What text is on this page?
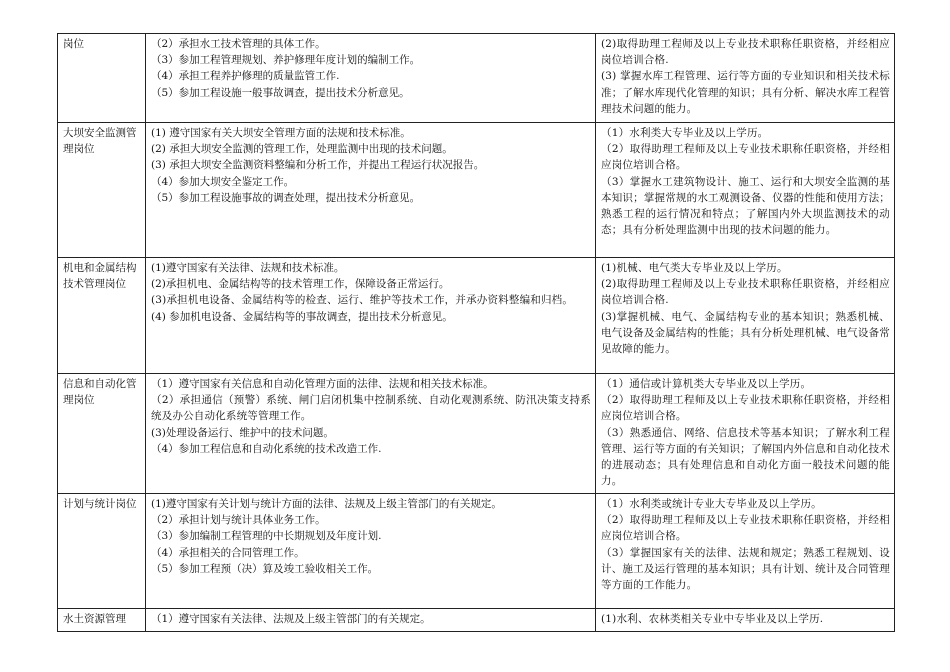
岗位	（2）承担水工技术管理的具体工作。
（3）参加工程管理规划、养护修理年度计划的编制工作。
（4）承担工程养护修理的质量监管工作.
（5）参加工程设施一般事故调查，提出技术分析意见。	(2)取得助理工程师及以上专业技术职称任职资格，并经相应岗位培训合格.
(3) 掌握水库工程管理、运行等方面的专业知识和相关技术标准；了解水库现代化管理的知识；具有分析、解决水库工程管理技术问题的能力。

大坝安全监测管理岗位	(1) 遵守国家有关大坝安全管理方面的法规和技术标准。
(2) 承担大坝安全监测的管理工作，处理监测中出现的技术问题。
(3) 承担大坝安全监测资料整编和分析工作，并提出工程运行状况报告。
（4）参加大坝安全鉴定工作。
（5）参加工程设施事故的调查处理，提出技术分析意见。	（1）水利类大专毕业及以上学历。
（2）取得助理工程师及以上专业技术职称任职资格，并经相应岗位培训合格。
（3）掌握水工建筑物设计、施工、运行和大坝安全监测的基本知识；掌握常规的水工观测设备、仪器的性能和使用方法；熟悉工程的运行情况和特点；了解国内外大坝监测技术的动态；具有分析处理监测中出现的技术问题的能力。

机电和金属结构技术管理岗位	(1)遵守国家有关法律、法规和技术标准。
(2)承担机电、金属结构等的技术管理工作，保障设备正常运行。
(3)承担机电设备、金属结构等的检查、运行、维护等技术工作，并承办资料整编和归档。
(4) 参加机电设备、金属结构等的事故调查，提出技术分析意见。	(1)机械、电气类大专毕业及以上学历。
(2)取得助理工程师及以上专业技术职称任职资格，并经相应岗位培训合格.
(3)掌握机械、电气、金属结构专业的基本知识；熟悉机械、电气设备及金属结构的性能；具有分析处理机械、电气设备常见故障的能力。

信息和自动化管理岗位	（1）遵守国家有关信息和自动化管理方面的法律、法规和相关技术标准。
（2）承担通信（预警）系统、闸门启闭机集中控制系统、自动化观测系统、防汛决策支持系统及办公自动化系统等管理工作。
(3)处理设备运行、维护中的技术问题。
（4）参加工程信息和自动化系统的技术改造工作.	（1）通信或计算机类大专毕业及以上学历。
（2）取得助理工程师及以上专业技术职称任职资格，并经相应岗位培训合格。
（3）熟悉通信、网络、信息技术等基本知识；了解水利工程管理、运行等方面的有关知识；了解国内外信息和自动化技术的进展动态；具有处理信息和自动化方面一般技术问题的能力。

计划与统计岗位	(1)遵守国家有关计划与统计方面的法律、法规及上级主管部门的有关规定。
（2）承担计划与统计具体业务工作。
（3）参加编制工程管理的中长期规划及年度计划.
（4）承担相关的合同管理工作。
（5）参加工程预（决）算及竣工验收相关工作。	（1）水利类或统计专业大专毕业及以上学历。
（2）取得助理工程师及以上专业技术职称任职资格，并经相应岗位培训合格。
（3）掌握国家有关的法律、法规和规定；熟悉工程规划、设计、施工及运行管理的基本知识；具有计划、统计及合同管理等方面的工作能力。

水土资源管理	（1）遵守国家有关法律、法规及上级主管部门的有关规定。	(1)水利、农林类相关专业中专毕业及以上学历.
